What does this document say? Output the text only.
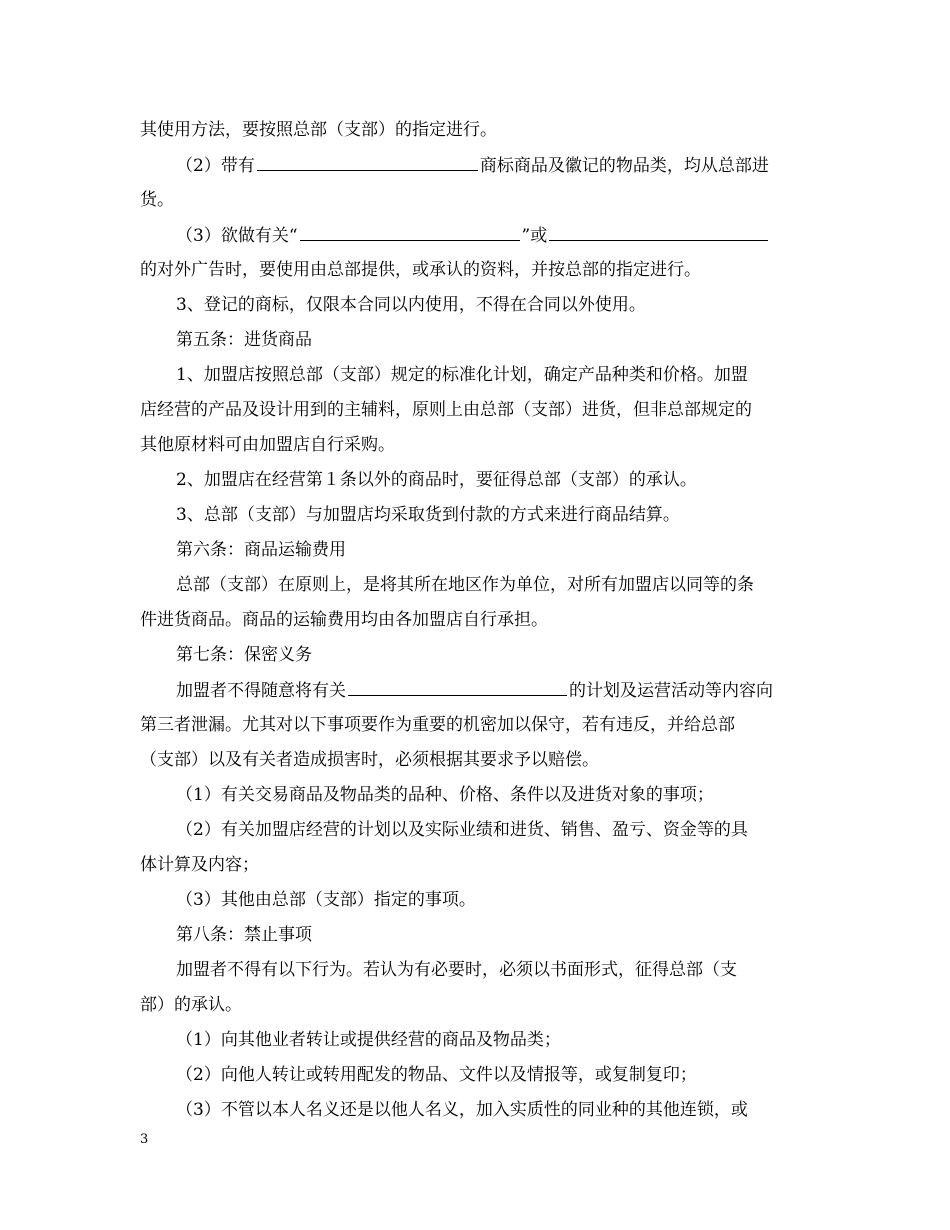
其使用方法，要按照总部（支部）的指定进行。
（2）带有	商标商品及徽记的物品类，均从总部进
货。
（3）欲做有关“	”或
的对外广告时，要使用由总部提供，或承认的资料，并按总部的指定进行。
3、登记的商标，仅限本合同以内使用，不得在合同以外使用。
第五条：进货商品
1、加盟店按照总部（支部）规定的标准化计划，确定产品种类和价格。加盟
店经营的产品及设计用到的主辅料，原则上由总部（支部）进货，但非总部规定的
其他原材料可由加盟店自行采购。
2、加盟店在经营第１条以外的商品时，要征得总部（支部）的承认。
3、总部（支部）与加盟店均采取货到付款的方式来进行商品结算。
第六条：商品运输费用
总部（支部）在原则上，是将其所在地区作为单位，对所有加盟店以同等的条
件进货商品。商品的运输费用均由各加盟店自行承担。
第七条：保密义务
加盟者不得随意将有关	的计划及运营活动等内容向
第三者泄漏。尤其对以下事项要作为重要的机密加以保守，若有违反，并给总部
（支部）以及有关者造成损害时，必须根据其要求予以赔偿。
（1）有关交易商品及物品类的品种、价格、条件以及进货对象的事项；
（2）有关加盟店经营的计划以及实际业绩和进货、销售、盈亏、资金等的具
体计算及内容；
（3）其他由总部（支部）指定的事项。
第八条：禁止事项
加盟者不得有以下行为。若认为有必要时，必须以书面形式，征得总部（支
部）的承认。
（1）向其他业者转让或提供经营的商品及物品类；
（2）向他人转让或转用配发的物品、文件以及情报等，或复制复印；
（3）不管以本人名义还是以他人名义，加入实质性的同业种的其他连锁，或
3
